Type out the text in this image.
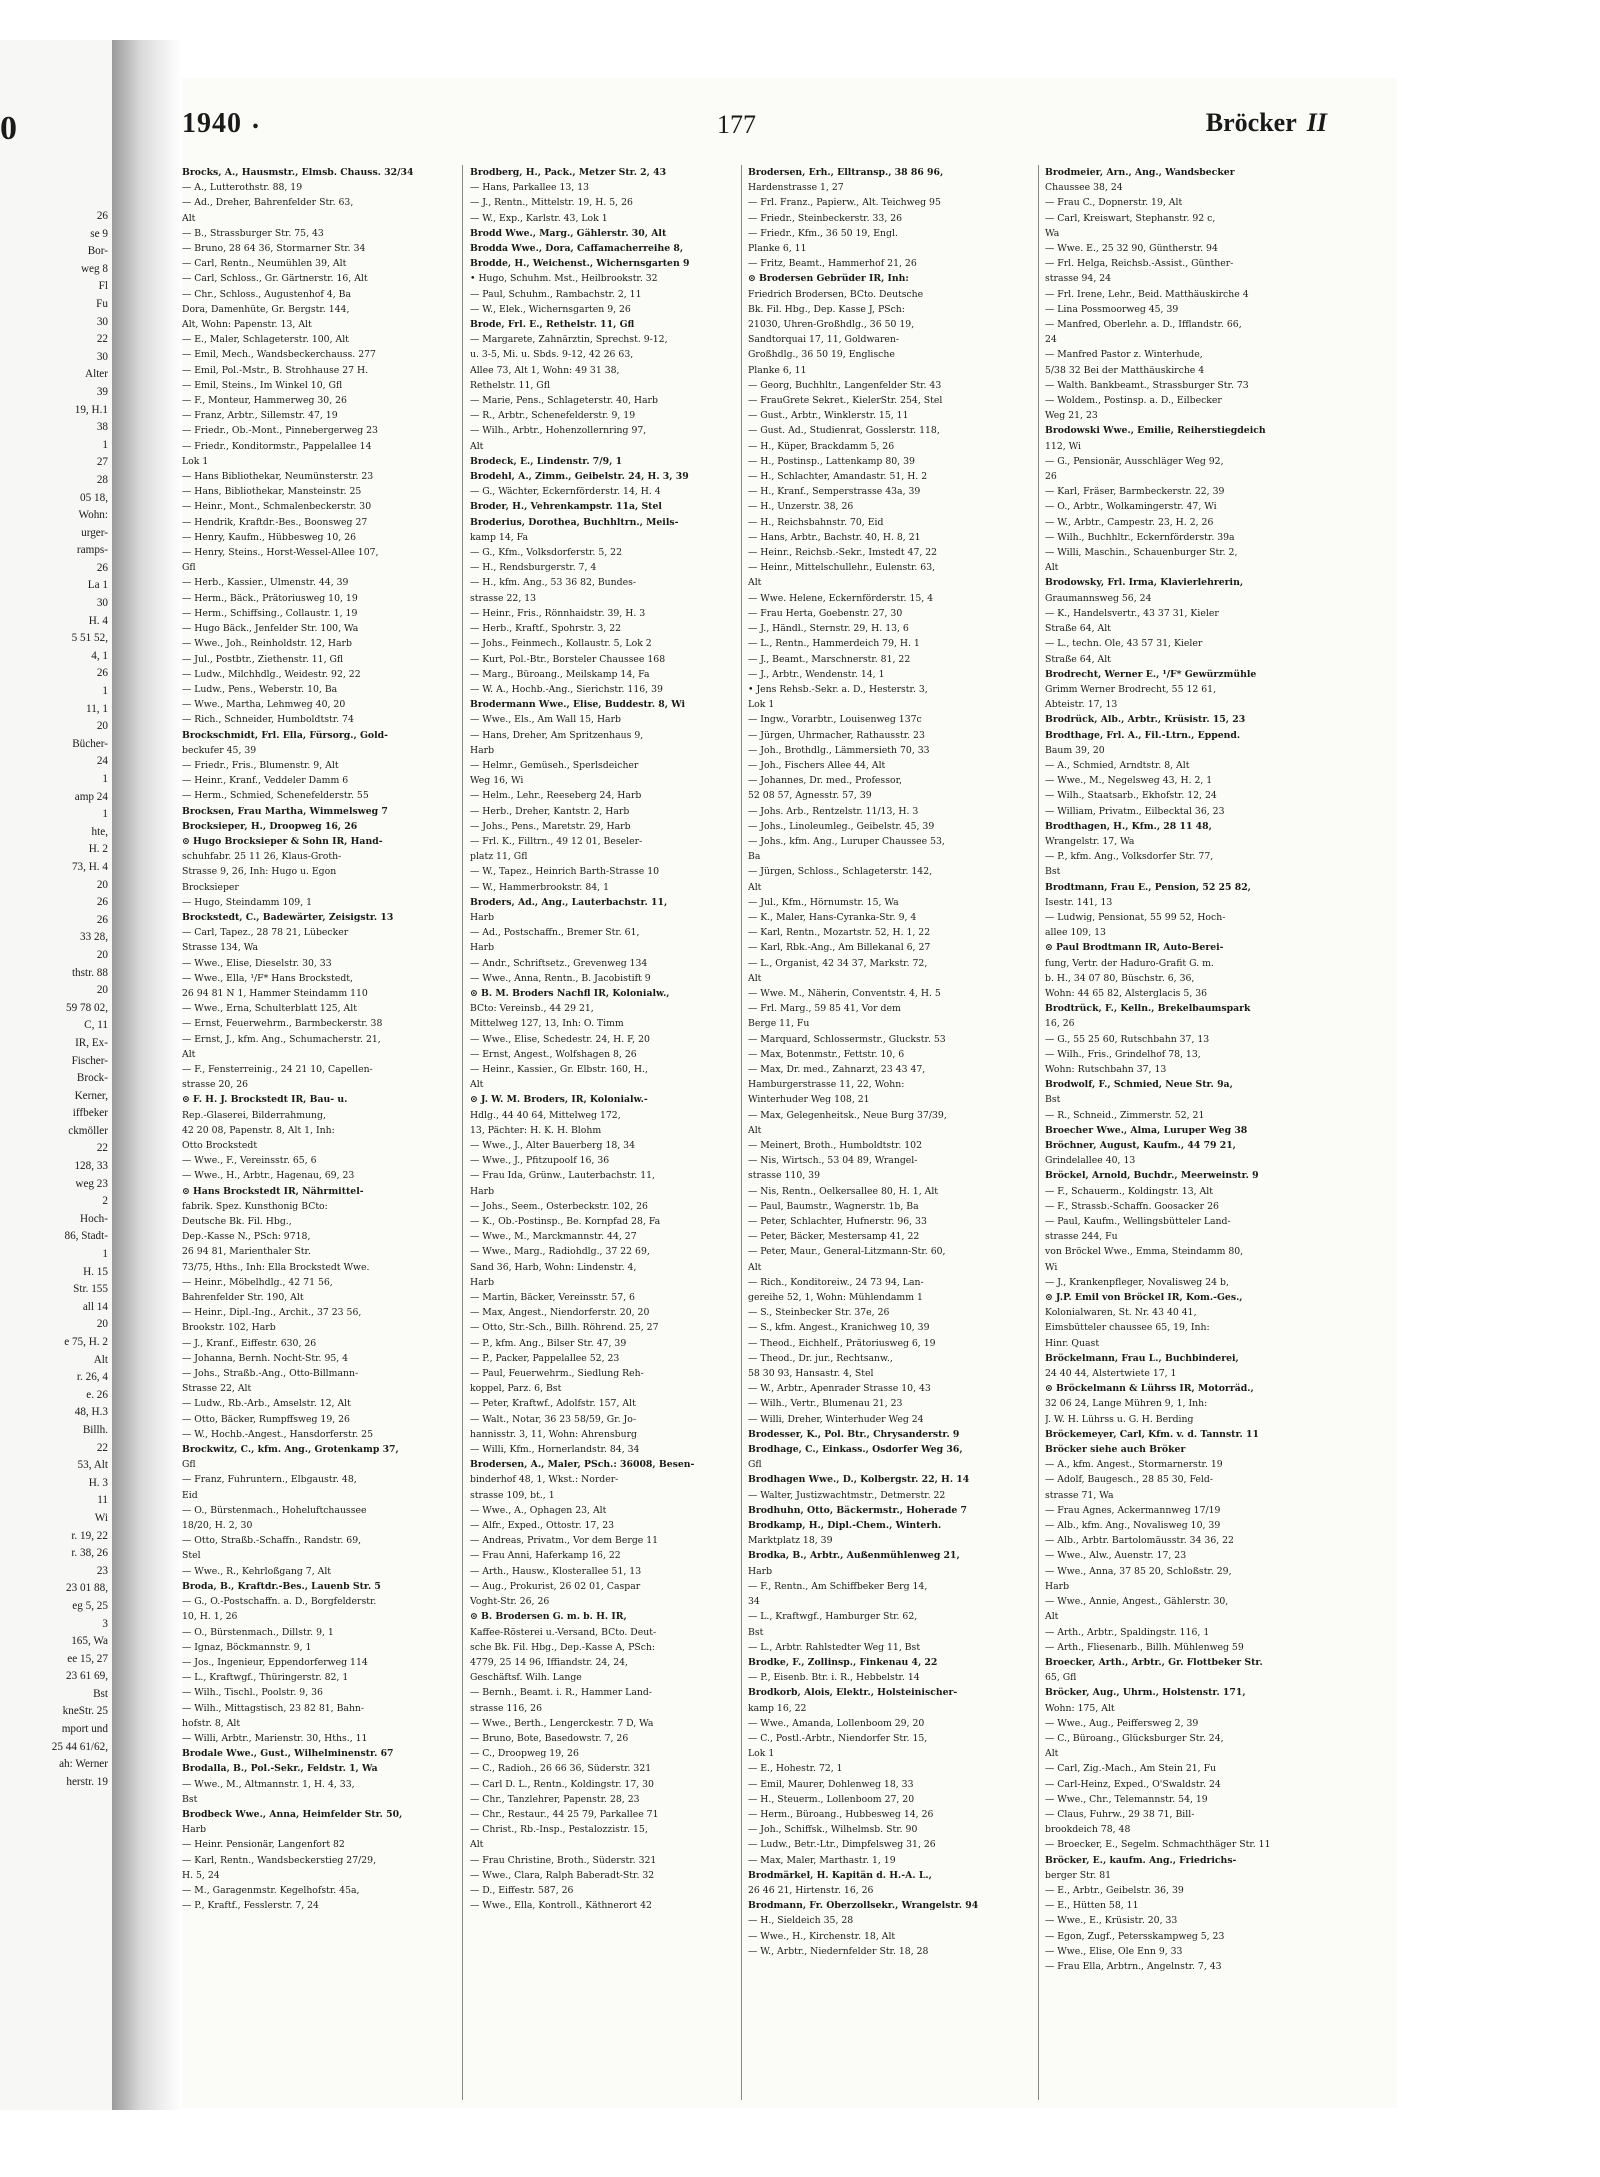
0
26
se 9
Bor-
weg 8
Fl
Fu
30
22
30
Alter
39
19, H.1
38
1
27
28
05 18,
Wohn:
urger-
ramps-
26
La 1
30
H. 4
5 51 52,
4, 1
26
1
11, 1
20
Bücher-
24
1
amp 24
1
hte,
H. 2
73, H. 4
20
26
26
33 28,
20
thstr. 88
20
59 78 02,
C, 11
IR, Ex-
Fischer-
Brock-
Kerner,
iffbeker
ckmöller
22
128, 33
weg 23
2
Hoch-
86, Stadt-
1
H. 15
Str. 155
all 14
20
e 75, H. 2
Alt
r. 26, 4
e. 26
48, H.3
Billh.
22
53, Alt
H. 3
11
Wi
r. 19, 22
r. 38, 26
23
23 01 88,
eg 5, 25
3
165, Wa
ee 15, 27
23 61 69,
Bst
kneStr. 25
mport und
25 44 61/62,
ah: Werner
herstr. 19
1940 .	177	Bröcker II
Brocks, A., Hausmstr., Elmsb. Chauss. 32/34
— A., Lutterothstr. 88, 19
— Ad., Dreher, Bahrenfelder Str. 63,
Alt
— B., Strassburger Str. 75, 43
— Bruno, 28 64 36, Stormarner Str. 34
— Carl, Rentn., Neumühlen 39, Alt
— Carl, Schloss., Gr. Gärtnerstr. 16, Alt
— Chr., Schloss., Augustenhof 4, Ba
Dora, Damenhüte, Gr. Bergstr. 144,
Alt, Wohn: Papenstr. 13, Alt
— E., Maler, Schlageterstr. 100, Alt
— Emil, Mech., Wandsbeckerchauss. 277
— Emil, Pol.-Mstr., B. Strohhause 27 H.
— Emil, Steins., Im Winkel 10, Gfl
— F., Monteur, Hammerweg 30, 26
— Franz, Arbtr., Sillemstr. 47, 19
— Friedr., Ob.-Mont., Pinnebergerweg 23
— Friedr., Konditormstr., Pappelallee 14
Lok 1
— Hans Bibliothekar, Neumünsterstr. 23
— Hans, Bibliothekar, Mansteinstr. 25
— Heinr., Mont., Schmalenbeckerstr. 30
— Hendrik, Kraftdr.-Bes., Boonsweg 27
— Henry, Kaufm., Hübbesweg 10, 26
— Henry, Steins., Horst-Wessel-Allee 107,
Gfl
— Herb., Kassier., Ulmenstr. 44, 39
— Herm., Bäck., Prätoriusweg 10, 19
— Herm., Schiffsing., Collaustr. 1, 19
— Hugo Bäck., Jenfelder Str. 100, Wa
— Wwe., Joh., Reinholdstr. 12, Harb
— Jul., Postbtr., Ziethenstr. 11, Gfl
— Ludw., Milchhdlg., Weidestr. 92, 22
— Ludw., Pens., Weberstr. 10, Ba
— Wwe., Martha, Lehmweg 40, 20
— Rich., Schneider, Humboldtstr. 74
Brockschmidt, Frl. Ella, Fürsorg., Gold-
beckufer 45, 39
— Friedr., Fris., Blumenstr. 9, Alt
— Heinr., Kranf., Veddeler Damm 6
— Herm., Schmied, Schenefelderstr. 55
Brocksen, Frau Martha, Wimmelsweg 7
Brocksieper, H., Droopweg 16, 26
⊙ Hugo Brocksieper & Sohn IR, Hand-
schuhfabr. 25 11 26, Klaus-Groth-
Strasse 9, 26, Inh: Hugo u. Egon
Brocksieper
— Hugo, Steindamm 109, 1
Brockstedt, C., Badewärter, Zeisigstr. 13
— Carl, Tapez., 28 78 21, Lübecker
Strasse 134, Wa
— Wwe., Elise, Dieselstr. 30, 33
— Wwe., Ella, ¹/F* Hans Brockstedt,
26 94 81 N 1, Hammer Steindamm 110
— Wwe., Erna, Schulterblatt 125, Alt
— Ernst, Feuerwehrm., Barmbeckerstr. 38
— Ernst, J., kfm. Ang., Schumacherstr. 21,
Alt
— F., Fensterreinig., 24 21 10, Capellen-
strasse 20, 26
⊙ F. H. J. Brockstedt IR, Bau- u.
Rep.-Glaserei, Bilderrahmung,
42 20 08, Papenstr. 8, Alt 1, Inh:
Otto Brockstedt
— Wwe., F., Vereinsstr. 65, 6
— Wwe., H., Arbtr., Hagenau, 69, 23
⊙ Hans Brockstedt IR, Nährmittel-
fabrik. Spez. Kunsthonig BCto:
Deutsche Bk. Fil. Hbg.,
Dep.-Kasse N., PSch: 9718,
26 94 81, Marienthaler Str.
73/75, Hths., Inh: Ella Brockstedt Wwe.
— Heinr., Möbelhdlg., 42 71 56,
Bahrenfelder Str. 190, Alt
— Heinr., Dipl.-Ing., Archit., 37 23 56,
Brookstr. 102, Harb
— J., Kranf., Eiffestr. 630, 26
— Johanna, Bernh. Nocht-Str. 95, 4
— Johs., Straßb.-Ang., Otto-Billmann-
Strasse 22, Alt
— Ludw., Rb.-Arb., Amselstr. 12, Alt
— Otto, Bäcker, Rumpffsweg 19, 26
— W., Hochb.-Angest., Hansdorferstr. 25
Brockwitz, C., kfm. Ang., Grotenkamp 37,
Gfl
— Franz, Fuhruntern., Elbgaustr. 48,
Eid
— O., Bürstenmach., Hoheluftchaussee
18/20, H. 2, 30
— Otto, Straßb.-Schaffn., Randstr. 69,
Stel
— Wwe., R., Kehrloßgang 7, Alt
Broda, B., Kraftdr.-Bes., Lauenb Str. 5
— G., O.-Postschaffn. a. D., Borgfelderstr.
10, H. 1, 26
— O., Bürstenmach., Dillstr. 9, 1
— Ignaz, Böckmannstr. 9, 1
— Jos., Ingenieur, Eppendorferweg 114
— L., Kraftwgf., Thüringerstr. 82, 1
— Wilh., Tischl., Poolstr. 9, 36
— Wilh., Mittagstisch, 23 82 81, Bahn-
hofstr. 8, Alt
— Willi, Arbtr., Marienstr. 30, Hths., 11
Brodale Wwe., Gust., Wilhelminenstr. 67
Brodalla, B., Pol.-Sekr., Feldstr. 1, Wa
— Wwe., M., Altmannstr. 1, H. 4, 33,
Bst
Brodbeck Wwe., Anna, Heimfelder Str. 50,
Harb
— Heinr. Pensionär, Langenfort 82
— Karl, Rentn., Wandsbeckerstieg 27/29,
H. 5, 24
— M., Garagenmstr. Kegelhofstr. 45a,
— P., Kraftf., Fesslerstr. 7, 24
Brodberg, H., Pack., Metzer Str. 2, 43
— Hans, Parkallee 13, 13
— J., Rentn., Mittelstr. 19, H. 5, 26
— W., Exp., Karlstr. 43, Lok 1
Brodd Wwe., Marg., Gählerstr. 30, Alt
Brodda Wwe., Dora, Caffamacherreihe 8,
Brodde, H., Weichenst., Wichernsgarten 9
• Hugo, Schuhm. Mst., Heilbrookstr. 32
— Paul, Schuhm., Rambachstr. 2, 11
— W., Elek., Wichernsgarten 9, 26
Brode, Frl. E., Rethelstr. 11, Gfl
— Margarete, Zahnärztin, Sprechst. 9-12,
u. 3-5, Mi. u. Sbds. 9-12, 42 26 63,
Allee 73, Alt 1, Wohn: 49 31 38,
Rethelstr. 11, Gfl
— Marie, Pens., Schlageterstr. 40, Harb
— R., Arbtr., Schenefelderstr. 9, 19
— Wilh., Arbtr., Hohenzollernring 97,
Alt
Brodeck, E., Lindenstr. 7/9, 1
Brodehl, A., Zimm., Geibelstr. 24, H. 3, 39
— G., Wächter, Eckernförderstr. 14, H. 4
Broder, H., Vehrenkampstr. 11a, Stel
Broderius, Dorothea, Buchhltrn., Meils-
kamp 14, Fa
— G., Kfm., Volksdorferstr. 5, 22
— H., Rendsburgerstr. 7, 4
— H., kfm. Ang., 53 36 82, Bundes-
strasse 22, 13
— Heinr., Fris., Rönnhaidstr. 39, H. 3
— Herb., Kraftf., Spohrstr. 3, 22
— Johs., Feinmech., Kollaustr. 5, Lok 2
— Kurt, Pol.-Btr., Borsteler Chaussee 168
— Marg., Büroang., Meilskamp 14, Fa
— W. A., Hochb.-Ang., Sierichstr. 116, 39
Brodermann Wwe., Elise, Buddestr. 8, Wi
— Wwe., Els., Am Wall 15, Harb
— Hans, Dreher, Am Spritzenhaus 9,
Harb
— Helmr., Gemüseh., Sperlsdeicher
Weg 16, Wi
— Helm., Lehr., Reeseberg 24, Harb
— Herb., Dreher, Kantstr. 2, Harb
— Johs., Pens., Maretstr. 29, Harb
— Frl. K., Filltrn., 49 12 01, Beseler-
platz 11, Gfl
— W., Tapez., Heinrich Barth-Strasse 10
— W., Hammerbrookstr. 84, 1
Broders, Ad., Ang., Lauterbachstr. 11,
Harb
— Ad., Postschaffn., Bremer Str. 61,
Harb
— Andr., Schriftsetz., Grevenweg 134
— Wwe., Anna, Rentn., B. Jacobistift 9
⊙ B. M. Broders Nachfl IR, Kolonialw.,
BCto: Vereinsb., 44 29 21,
Mittelweg 127, 13, Inh: O. Timm
— Wwe., Elise, Schedestr. 24, H. F, 20
— Ernst, Angest., Wolfshagen 8, 26
— Heinr., Kassier., Gr. Elbstr. 160, H.,
Alt
⊙ J. W. M. Broders, IR, Kolonialw.-
Hdlg., 44 40 64, Mittelweg 172,
13, Pächter: H. K. H. Blohm
— Wwe., J., Alter Bauerberg 18, 34
— Wwe., J., Pfitzupoolf 16, 36
— Frau Ida, Grünw., Lauterbachstr. 11,
Harb
— Johs., Seem., Osterbeckstr. 102, 26
— K., Ob.-Postinsp., Be. Kornpfad 28, Fa
— Wwe., M., Marckmannstr. 44, 27
— Wwe., Marg., Radiohdlg., 37 22 69,
Sand 36, Harb, Wohn: Lindenstr. 4,
Harb
— Martin, Bäcker, Vereinsstr. 57, 6
— Max, Angest., Niendorferstr. 20, 20
— Otto, Str.-Sch., Billh. Röhrend. 25, 27
— P., kfm. Ang., Bilser Str. 47, 39
— P., Packer, Pappelallee 52, 23
— Paul, Feuerwehrm., Siedlung Reh-
koppel, Parz. 6, Bst
— Peter, Kraftwf., Adolfstr. 157, Alt
— Walt., Notar, 36 23 58/59, Gr. Jo-
hannisstr. 3, 11, Wohn: Ahrensburg
— Willi, Kfm., Hornerlandstr. 84, 34
Brodersen, A., Maler, PSch.: 36008, Besen-
binderhof 48, 1, Wkst.: Norder-
strasse 109, bt., 1
— Wwe., A., Ophagen 23, Alt
— Alfr., Exped., Ottostr. 17, 23
— Andreas, Privatm., Vor dem Berge 11
— Frau Anni, Haferkamp 16, 22
— Arth., Hausw., Klosterallee 51, 13
— Aug., Prokurist, 26 02 01, Caspar
Voght-Str. 26, 26
⊙ B. Brodersen G. m. b. H. IR,
Kaffee-Rösterei u.-Versand, BCto. Deut-
sche Bk. Fil. Hbg., Dep.-Kasse A, PSch:
4779, 25 14 96, Iffiandstr. 24, 24,
Geschäftsf. Wilh. Lange
— Bernh., Beamt. i. R., Hammer Land-
strasse 116, 26
— Wwe., Berth., Lengerckestr. 7 D, Wa
— Bruno, Bote, Basedowstr. 7, 26
— C., Droopweg 19, 26
— C., Radioh., 26 66 36, Süderstr. 321
— Carl D. L., Rentn., Koldingstr. 17, 30
— Chr., Tanzlehrer, Papenstr. 28, 23
— Chr., Restaur., 44 25 79, Parkallee 71
— Christ., Rb.-Insp., Pestalozzistr. 15,
Alt
— Frau Christine, Broth., Süderstr. 321
— Wwe., Clara, Ralph Baberadt-Str. 32
— D., Eiffestr. 587, 26
— Wwe., Ella, Kontroll., Käthnerort 42
Brodersen, Erh., Elltransp., 38 86 96,
Hardenstrasse 1, 27
— Frl. Franz., Papierw., Alt. Teichweg 95
— Friedr., Steinbeckerstr. 33, 26
— Friedr., Kfm., 36 50 19, Engl.
Planke 6, 11
— Fritz, Beamt., Hammerhof 21, 26
⊙ Brodersen Gebrüder IR, Inh:
Friedrich Brodersen, BCto. Deutsche
Bk. Fil. Hbg., Dep. Kasse J, PSch:
21030, Uhren-Großhdlg., 36 50 19,
Sandtorquai 17, 11, Goldwaren-
Großhdlg., 36 50 19, Englische
Planke 6, 11
— Georg, Buchhltr., Langenfelder Str. 43
— FrauGrete Sekret., KielerStr. 254, Stel
— Gust., Arbtr., Winklerstr. 15, 11
— Gust. Ad., Studienrat, Gosslerstr. 118,
— H., Küper, Brackdamm 5, 26
— H., Postinsp., Lattenkamp 80, 39
— H., Schlachter, Amandastr. 51, H. 2
— H., Kranf., Semperstrasse 43a, 39
— H., Unzerstr. 38, 26
— H., Reichsbahnstr. 70, Eid
— Hans, Arbtr., Bachstr. 40, H. 8, 21
— Heinr., Reichsb.-Sekr., Imstedt 47, 22
— Heinr., Mittelschullehr., Eulenstr. 63,
Alt
— Wwe. Helene, Eckernförderstr. 15, 4
— Frau Herta, Goebenstr. 27, 30
— J., Händl., Sternstr. 29, H. 13, 6
— L., Rentn., Hammerdeich 79, H. 1
— J., Beamt., Marschnerstr. 81, 22
— J., Arbtr., Wendenstr. 14, 1
• Jens Rehsb.-Sekr. a. D., Hesterstr. 3,
Lok 1
— Ingw., Vorarbtr., Louisenweg 137c
— Jürgen, Uhrmacher, Rathausstr. 23
— Joh., Brothdlg., Lämmersieth 70, 33
— Joh., Fischers Allee 44, Alt
— Johannes, Dr. med., Professor,
52 08 57, Agnesstr. 57, 39
— Johs. Arb., Rentzelstr. 11/13, H. 3
— Johs., Linoleumleg., Geibelstr. 45, 39
— Johs., kfm. Ang., Luruper Chaussee 53,
Ba
— Jürgen, Schloss., Schlageterstr. 142,
Alt
— Jul., Kfm., Hörnumstr. 15, Wa
— K., Maler, Hans-Cyranka-Str. 9, 4
— Karl, Rentn., Mozartstr. 52, H. 1, 22
— Karl, Rbk.-Ang., Am Billekanal 6, 27
— L., Organist, 42 34 37, Markstr. 72,
Alt
— Wwe. M., Näherin, Conventstr. 4, H. 5
— Frl. Marg., 59 85 41, Vor dem
Berge 11, Fu
— Marquard, Schlossermstr., Gluckstr. 53
— Max, Botenmstr., Fettstr. 10, 6
— Max, Dr. med., Zahnarzt, 23 43 47,
Hamburgerstrasse 11, 22, Wohn:
Winterhuder Weg 108, 21
— Max, Gelegenheitsk., Neue Burg 37/39,
Alt
— Meinert, Broth., Humboldtstr. 102
— Nis, Wirtsch., 53 04 89, Wrangel-
strasse 110, 39
— Nis, Rentn., Oelkersallee 80, H. 1, Alt
— Paul, Baumstr., Wagnerstr. 1b, Ba
— Peter, Schlachter, Hufnerstr. 96, 33
— Peter, Bäcker, Mestersamp 41, 22
— Peter, Maur., General-Litzmann-Str. 60,
Alt
— Rich., Konditoreiw., 24 73 94, Lan-
gereihe 52, 1, Wohn: Mühlendamm 1
— S., Steinbecker Str. 37e, 26
— S., kfm. Angest., Kranichweg 10, 39
— Theod., Eichhelf., Prätoriusweg 6, 19
— Theod., Dr. jur., Rechtsanw.,
58 30 93, Hansastr. 4, Stel
— W., Arbtr., Apenrader Strasse 10, 43
— Wilh., Vertr., Blumenau 21, 23
— Willi, Dreher, Winterhuder Weg 24
Brodesser, K., Pol. Btr., Chrysanderstr. 9
Brodhage, C., Einkass., Osdorfer Weg 36,
Gfl
Brodhagen Wwe., D., Kolbergstr. 22, H. 14
— Walter, Justizwachtmstr., Detmerstr. 22
Brodhuhn, Otto, Bäckermstr., Hoherade 7
Brodkamp, H., Dipl.-Chem., Winterh.
Marktplatz 18, 39
Brodka, B., Arbtr., Außenmühlenweg 21,
Harb
— F., Rentn., Am Schiffbeker Berg 14,
34
— L., Kraftwgf., Hamburger Str. 62,
Bst
— L., Arbtr. Rahlstedter Weg 11, Bst
Brodke, F., Zollinsp., Finkenau 4, 22
— P., Eisenb. Btr. i. R., Hebbelstr. 14
Brodkorb, Alois, Elektr., Holsteinischer-
kamp 16, 22
— Wwe., Amanda, Lollenboom 29, 20
— C., Postl.-Arbtr., Niendorfer Str. 15,
Lok 1
— E., Hohestr. 72, 1
— Emil, Maurer, Dohlenweg 18, 33
— H., Steuerm., Lollenboom 27, 20
— Herm., Büroang., Hubbesweg 14, 26
— Joh., Schiffsk., Wilhelmsb. Str. 90
— Ludw., Betr.-Ltr., Dimpfelsweg 31, 26
— Max, Maler, Marthastr. 1, 19
Brodmärkel, H. Kapitän d. H.-A. L.,
26 46 21, Hirtenstr. 16, 26
Brodmann, Fr. Oberzollsekr., Wrangelstr. 94
— H., Sieldeich 35, 28
— Wwe., H., Kirchenstr. 18, Alt
— W., Arbtr., Niedernfelder Str. 18, 28
Brodmeier, Arn., Ang., Wandsbecker
Chaussee 38, 24
— Frau C., Dopnerstr. 19, Alt
— Carl, Kreiswart, Stephanstr. 92 c,
Wa
— Wwe. E., 25 32 90, Güntherstr. 94
— Frl. Helga, Reichsb.-Assist., Günther-
strasse 94, 24
— Frl. Irene, Lehr., Beid. Matthäuskirche 4
— Lina Possmoorweg 45, 39
— Manfred, Oberlehr. a. D., Ifflandstr. 66,
24
— Manfred Pastor z. Winterhude,
5/38 32 Bei der Matthäuskirche 4
— Walth. Bankbeamt., Strassburger Str. 73
— Woldem., Postinsp. a. D., Eilbecker
Weg 21, 23
Brodowski Wwe., Emilie, Reiherstiegdeich
112, Wi
— G., Pensionär, Ausschläger Weg 92,
26
— Karl, Fräser, Barmbeckerstr. 22, 39
— O., Arbtr., Wolkamingerstr. 47, Wi
— W., Arbtr., Campestr. 23, H. 2, 26
— Wilh., Buchhltr., Eckernförderstr. 39a
— Willi, Maschin., Schauenburger Str. 2,
Alt
Brodowsky, Frl. Irma, Klavierlehrerin,
Graumannsweg 56, 24
— K., Handelsvertr., 43 37 31, Kieler
Straße 64, Alt
— L., techn. Ole, 43 57 31, Kieler
Straße 64, Alt
Brodrecht, Werner E., ¹/F* Gewürzmühle
Grimm Werner Brodrecht, 55 12 61,
Abteistr. 17, 13
Brodrück, Alb., Arbtr., Krüsistr. 15, 23
Brodthage, Frl. A., Fil.-Ltrn., Eppend.
Baum 39, 20
— A., Schmied, Arndtstr. 8, Alt
— Wwe., M., Negelsweg 43, H. 2, 1
— Wilh., Staatsarb., Ekhofstr. 12, 24
— William, Privatm., Eilbecktal 36, 23
Brodthagen, H., Kfm., 28 11 48,
Wrangelstr. 17, Wa
— P., kfm. Ang., Volksdorfer Str. 77,
Bst
Brodtmann, Frau E., Pension, 52 25 82,
Isestr. 141, 13
— Ludwig, Pensionat, 55 99 52, Hoch-
allee 109, 13
⊙ Paul Brodtmann IR, Auto-Berei-
fung, Vertr. der Haduro-Grafit G. m.
b. H., 34 07 80, Büschstr. 6, 36,
Wohn: 44 65 82, Alsterglacis 5, 36
Brodtrück, F., Kelln., Brekelbaumspark
16, 26
— G., 55 25 60, Rutschbahn 37, 13
— Wilh., Fris., Grindelhof 78, 13,
Wohn: Rutschbahn 37, 13
Brodwolf, F., Schmied, Neue Str. 9a,
Bst
— R., Schneid., Zimmerstr. 52, 21
Broecher Wwe., Alma, Luruper Weg 38
Bröchner, August, Kaufm., 44 79 21,
Grindelallee 40, 13
Bröckel, Arnold, Buchdr., Meerweinstr. 9
— F., Schauerm., Koldingstr. 13, Alt
— F., Strassb.-Schaffn. Goosacker 26
— Paul, Kaufm., Wellingsbütteler Land-
strasse 244, Fu
von Bröckel Wwe., Emma, Steindamm 80,
Wi
— J., Krankenpfleger, Novalisweg 24 b,
⊙ J.P. Emil von Bröckel IR, Kom.-Ges.,
Kolonialwaren, St. Nr. 43 40 41,
Eimsbütteler chaussee 65, 19, Inh:
Hinr. Quast
Bröckelmann, Frau L., Buchbinderei,
24 40 44, Alstertwiete 17, 1
⊙ Bröckelmann & Lührss IR, Motorräd.,
32 06 24, Lange Mühren 9, 1, Inh:
J. W. H. Lührss u. G. H. Berding
Bröckemeyer, Carl, Kfm. v. d. Tannstr. 11
Bröcker siehe auch Bröker
— A., kfm. Angest., Stormarnerstr. 19
— Adolf, Baugesch., 28 85 30, Feld-
strasse 71, Wa
— Frau Agnes, Ackermannweg 17/19
— Alb., kfm. Ang., Novalisweg 10, 39
— Alb., Arbtr. Bartolomäusstr. 34 36, 22
— Wwe., Alw., Auenstr. 17, 23
— Wwe., Anna, 37 85 20, Schloßstr. 29,
Harb
— Wwe., Annie, Angest., Gählerstr. 30,
Alt
— Arth., Arbtr., Spaldingstr. 116, 1
— Arth., Fliesenarb., Billh. Mühlenweg 59
Broecker, Arth., Arbtr., Gr. Flottbeker Str.
65, Gfl
Bröcker, Aug., Uhrm., Holstenstr. 171,
Wohn: 175, Alt
— Wwe., Aug., Peiffersweg 2, 39
— C., Büroang., Glücksburger Str. 24,
Alt
— Carl, Zig.-Mach., Am Stein 21, Fu
— Carl-Heinz, Exped., O'Swaldstr. 24
— Wwe., Chr., Telemannstr. 54, 19
— Claus, Fuhrw., 29 38 71, Bill-
brookdeich 78, 48
— Broecker, E., Segelm. Schmachthäger Str. 11
Bröcker, E., kaufm. Ang., Friedrichs-
berger Str. 81
— E., Arbtr., Geibelstr. 36, 39
— E., Hütten 58, 11
— Wwe., E., Krüsistr. 20, 33
— Egon, Zugf., Petersskampweg 5, 23
— Wwe., Elise, Ole Enn 9, 33
— Frau Ella, Arbtrn., Angelnstr. 7, 43
